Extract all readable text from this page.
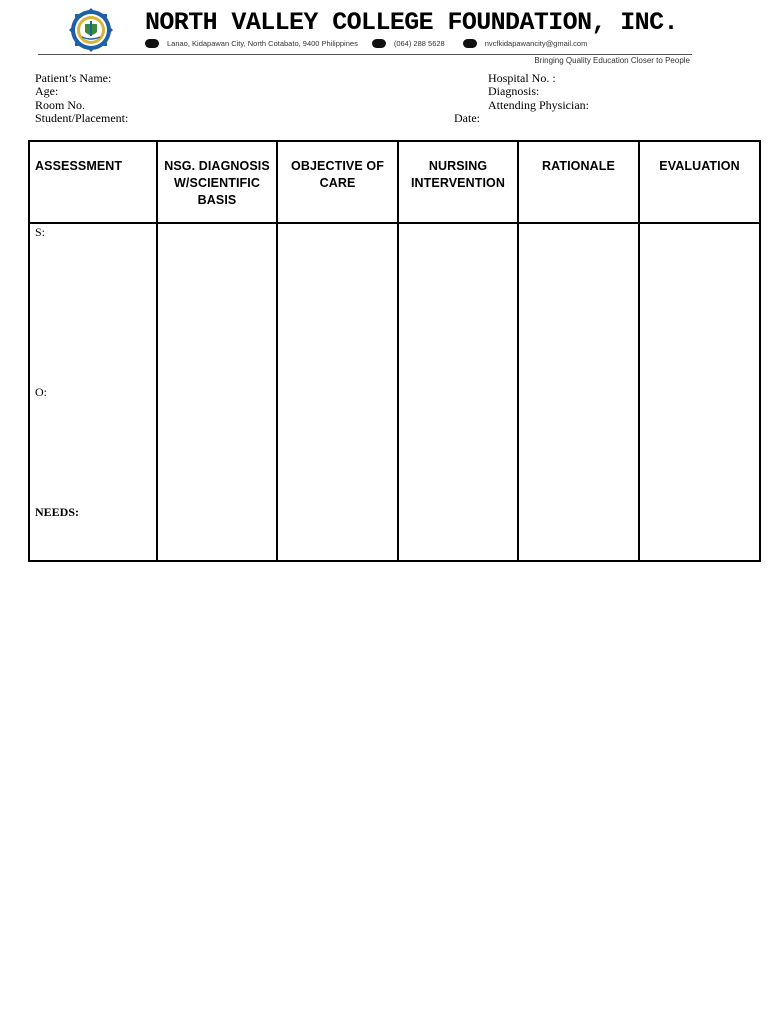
NORTH VALLEY COLLEGE FOUNDATION, INC.
Lanao, Kidapawan City, North Cotabato, 9400 Philippines	(064) 288 5628	nvcfkidapawancity@gmail.com
Bringing Quality Education Closer to People
Patient’s Name:
Age:
Room No.
Student/Placement:
Hospital No. :
Diagnosis:
Attending Physician:
Date:
ASSESSMENT	NSG. DIAGNOSIS W/SCIENTIFIC BASIS	OBJECTIVE OF CARE	NURSING INTERVENTION	RATIONALE	EVALUATION

S:
O:
NEEDS:					
